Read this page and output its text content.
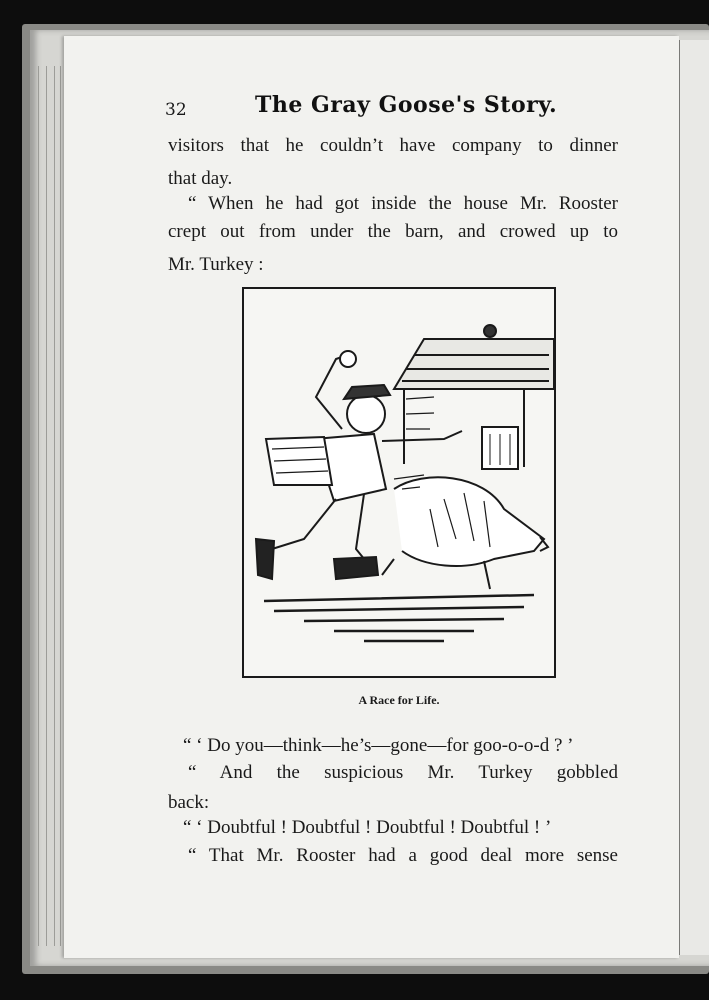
32	The Gray Goose's Story.

visitors that he couldn’t have company to dinner

that day.

“ When he had got inside the house Mr. Rooster

crept out from under the barn, and crowed up to

Mr. Turkey :

A Race for Life.

“ ‘ Do you—think—he’s—gone—for goo-o-o-d ? ’

“ And the suspicious Mr. Turkey gobbled

back:

“ ‘ Doubtful ! Doubtful ! Doubtful ! Doubtful ! ’

“ That Mr. Rooster had a good deal more sense
